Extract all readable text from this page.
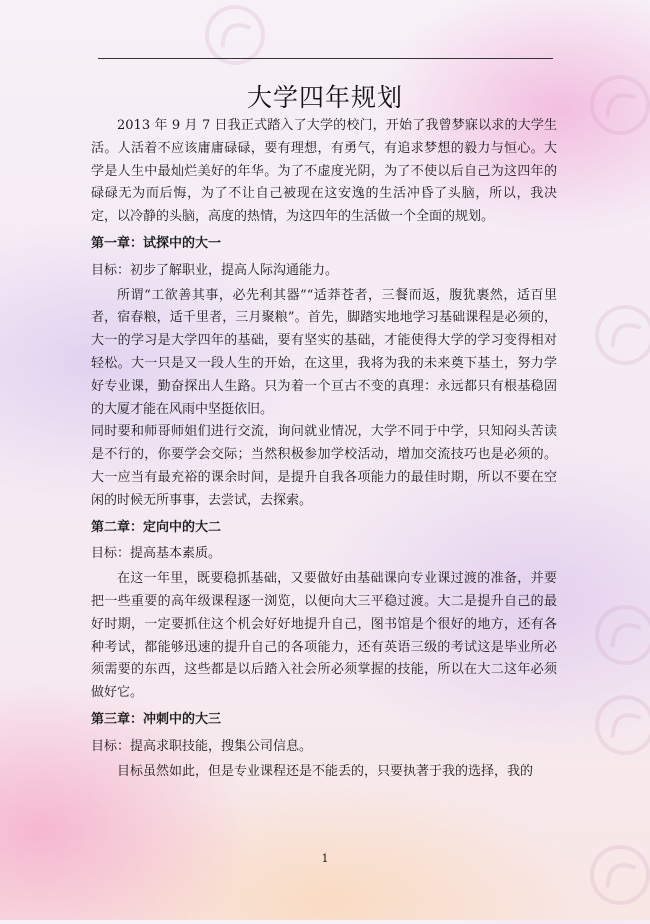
大学四年规划

2013 年 9 月 7 日我正式踏入了大学的校门，开始了我曾梦寐以求的大学生活。人活着不应该庸庸碌碌，要有理想，有勇气，有追求梦想的毅力与恒心。大学是人生中最灿烂美好的年华。为了不虚度光阴，为了不使以后自己为这四年的碌碌无为而后悔，为了不让自己被现在这安逸的生活冲昏了头脑，所以，我决定，以冷静的头脑，高度的热情，为这四年的生活做一个全面的规划。

第一章：试探中的大一

目标：初步了解职业，提高人际沟通能力。

所谓“工欲善其事，必先利其器”“适莽苍者，三餐而返，腹犹裹然，适百里者，宿春粮，适千里者，三月聚粮”。首先，脚踏实地地学习基础课程是必须的，大一的学习是大学四年的基础，要有坚实的基础，才能使得大学的学习变得相对轻松。大一只是又一段人生的开始，在这里，我将为我的未来奠下基土，努力学好专业课，勤奋探出人生路。只为着一个亘古不变的真理：永远都只有根基稳固的大厦才能在风雨中坚挺依旧。

同时要和师哥师姐们进行交流，询问就业情况，大学不同于中学，只知闷头苦读是不行的，你要学会交际；当然积极参加学校活动，增加交流技巧也是必须的。大一应当有最充裕的课余时间，是提升自我各项能力的最佳时期，所以不要在空闲的时候无所事事，去尝试，去探索。

第二章：定向中的大二

目标：提高基本素质。

在这一年里，既要稳抓基础，又要做好由基础课向专业课过渡的准备，并要把一些重要的高年级课程逐一浏览，以便向大三平稳过渡。大二是提升自己的最好时期，一定要抓住这个机会好好地提升自己，图书馆是个很好的地方，还有各种考试，都能够迅速的提升自己的各项能力，还有英语三级的考试这是毕业所必须需要的东西，这些都是以后踏入社会所必须掌握的技能，所以在大二这年必须做好它。

第三章：冲刺中的大三

目标：提高求职技能，搜集公司信息。

目标虽然如此，但是专业课程还是不能丢的，只要执著于我的选择，我的

1
